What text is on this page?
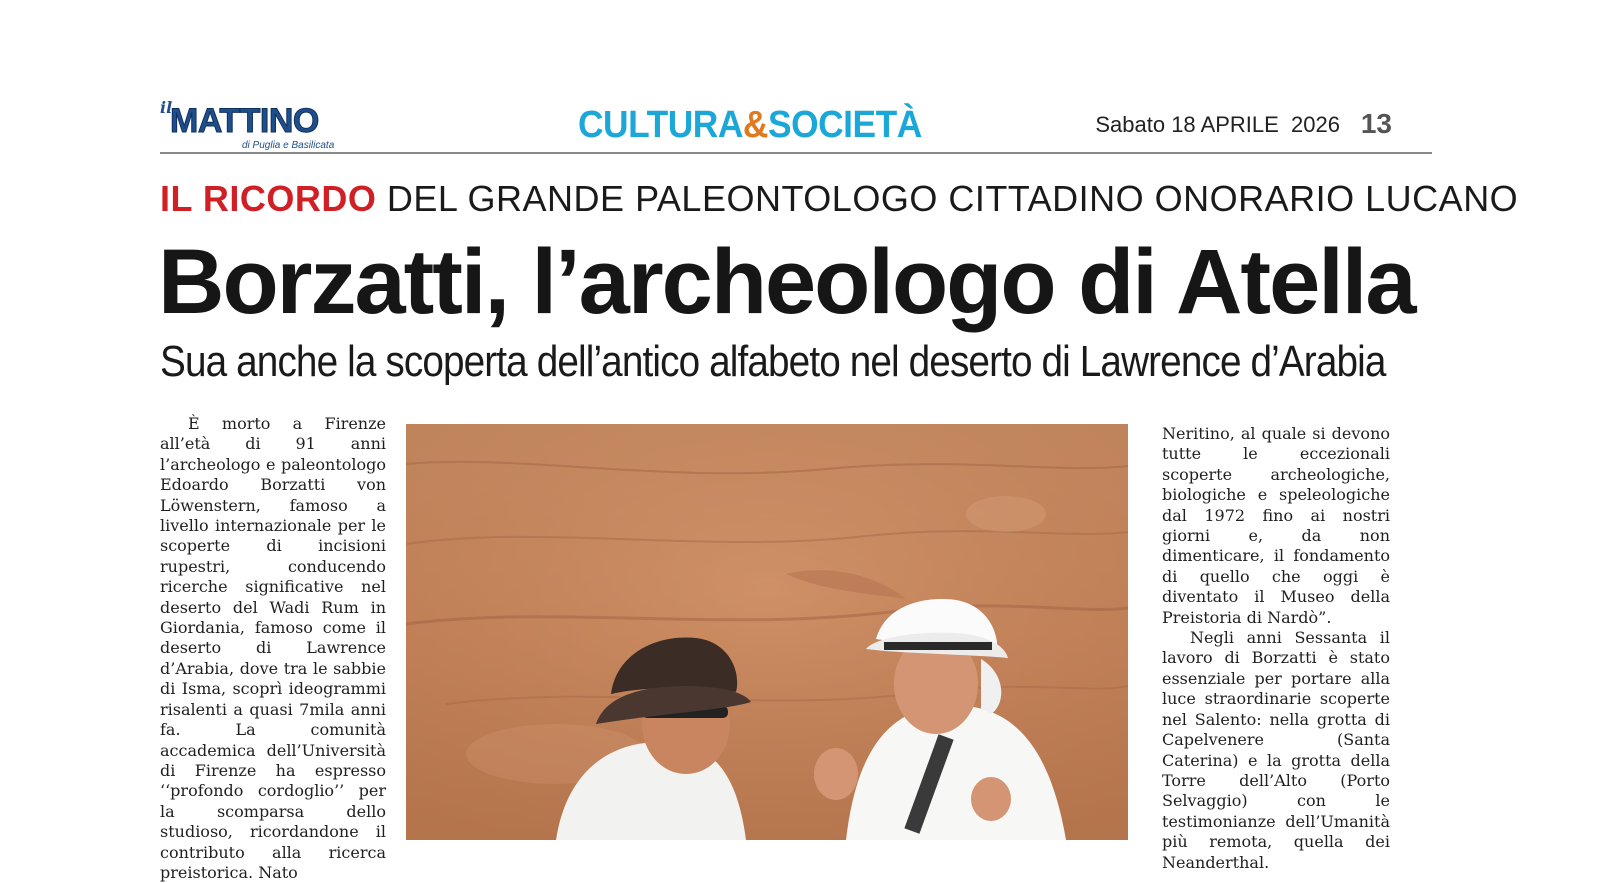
il
MATTINO
di Puglia e Basilicata	CULTURA&SOCIETÀ	Sabato 18 APRILE  2026 13
IL RICORDO DEL GRANDE PALEONTOLOGO CITTADINO ONORARIO LUCANO
Borzatti, l’archeologo di Atella
Sua anche la scoperta dell’antico alfabeto nel deserto di Lawrence d’Arabia

È morto a Firenze all’età di 91 anni l’archeologo e paleontologo Edoardo Borzatti von Löwenstern, famoso a livello internazionale per le scoperte di incisioni rupestri, conducendo ricerche significative nel deserto del Wadi Rum in Giordania, famoso come il deserto di Lawrence d’Arabia, dove tra le sabbie di Isma, scoprì ideogrammi risalenti a quasi 7mila anni fa. La comunità accademica dell’Università di Firenze ha espresso ‘‘profondo cordoglio’’ per la scomparsa dello studioso, ricordandone il contributo alla ricerca preistorica. Nato

Neritino, al quale si devono tutte le eccezionali scoperte archeologiche, biologiche e speleologiche dal 1972 fino ai nostri giorni e, da non dimenticare, il fondamento di quello che oggi è diventato il Museo della Preistoria di Nardò”.

Negli anni Sessanta il lavoro di Borzatti è stato essenziale per portare alla luce straordinarie scoperte nel Salento: nella grotta di Capelvenere (Santa Caterina) e la grotta della Torre dell’Alto (Porto Selvaggio) con le testimonianze dell’Umanità più remota, quella dei Neanderthal.
